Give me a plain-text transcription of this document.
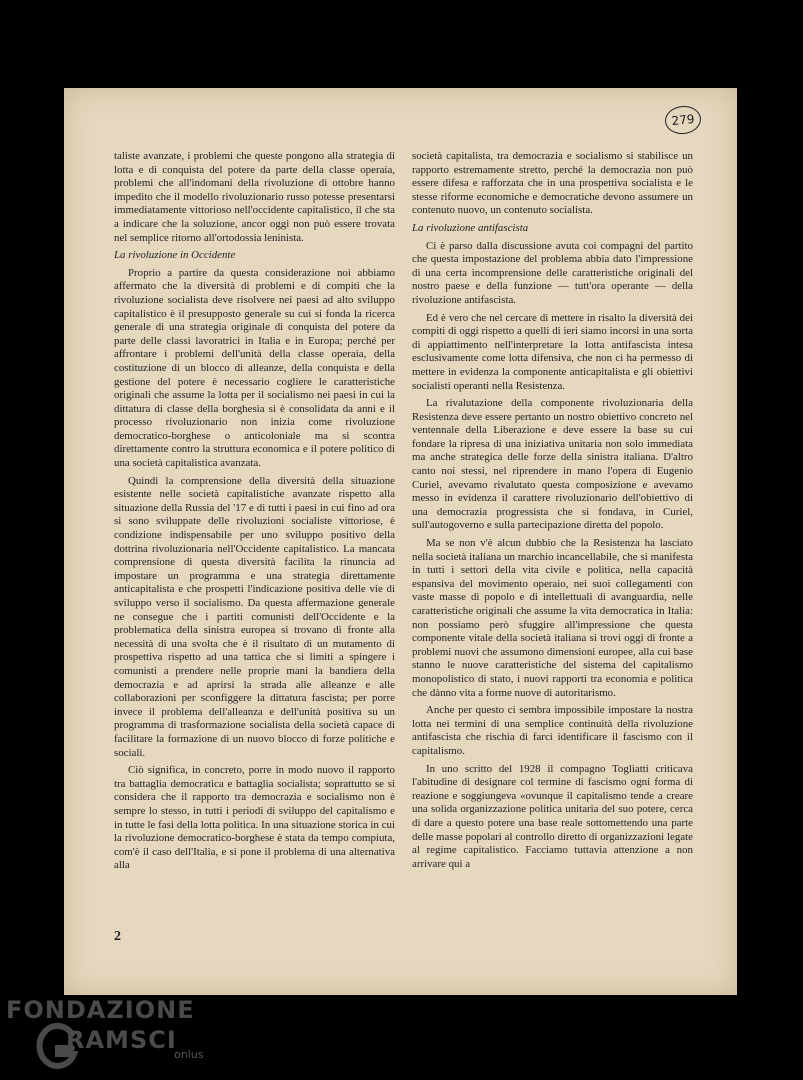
279

taliste avanzate, i problemi che queste pongono alla strategia di lotta e di conquista del potere da parte della classe operaia, problemi che all'indomani della rivoluzione di ottobre hanno impedito che il modello rivoluzionario russo potesse presentarsi immediatamente vittorioso nell'occidente capitalistico, il che sta a indicare che la soluzione, ancor oggi non può essere trovata nel semplice ritorno all'ortodossia leninista.

La rivoluzione in Occidente

Proprio a partire da questa considerazione noi abbiamo affermato che la diversità di problemi e di compiti che la rivoluzione socialista deve risolvere nei paesi ad alto sviluppo capitalistico è il presupposto generale su cui si fonda la ricerca generale di una strategia originale di conquista del potere da parte delle classi lavoratrici in Italia e in Europa; perché per affrontare i problemi dell'unità della classe operaia, della costituzione di un blocco di alleanze, della conquista e della gestione del potere è necessario cogliere le caratteristiche originali che assume la lotta per il socialismo nei paesi in cui la dittatura di classe della borghesia si è consolidata da anni e il processo rivoluzionario non inizia come rivoluzione democratico-borghese o anticoloniale ma si scontra direttamente contro la struttura economica e il potere politico di una società capitalistica avanzata.

Quindi la comprensione della diversità della situazione esistente nelle società capitalistiche avanzate rispetto alla situazione della Russia del '17 e di tutti i paesi in cui fino ad ora si sono sviluppate delle rivoluzioni socialiste vittoriose, è condizione indispensabile per uno sviluppo positivo della dottrina rivoluzionaria nell'Occidente capitalistico. La mancata comprensione di questa diversità facilita la rinuncia ad impostare un programma e una strategia direttamente anticapitalista e che prospetti l'indicazione positiva delle vie di sviluppo verso il socialismo. Da questa affermazione generale ne consegue che i partiti comunisti dell'Occidente e la problematica della sinistra europea si trovano di fronte alla necessità di una svolta che è il risultato di un mutamento di prospettiva rispetto ad una tattica che si limiti a spingere i comunisti a prendere nelle proprie mani la bandiera della democrazia e ad aprirsi la strada alle alleanze e alle collaborazioni per sconfiggere la dittatura fascista; per porre invece il problema dell'alleanza e dell'unità positiva su un programma di trasformazione socialista della società capace di facilitare la formazione di un nuovo blocco di forze politiche e sociali.

Ciò significa, in concreto, porre in modo nuovo il rapporto tra battaglia democratica e battaglia socialista; soprattutto se si considera che il rapporto tra democrazia e socialismo non è sempre lo stesso, in tutti i periodi di sviluppo del capitalismo e in tutte le fasi della lotta politica. In una situazione storica in cui la rivoluzione democratico-borghese è stata da tempo compiuta, com'è il caso dell'Italia, e si pone il problema di una alternativa alla

società capitalista, tra democrazia e socialismo si stabilisce un rapporto estremamente stretto, perché la democrazia non può essere difesa e rafforzata che in una prospettiva socialista e le stesse riforme economiche e democratiche devono assumere un contenuto nuovo, un contenuto socialista.

La rivoluzione antifascista

Ci è parso dalla discussione avuta coi compagni del partito che questa impostazione del problema abbia dato l'impressione di una certa incomprensione delle caratteristiche originali del nostro paese e della funzione — tutt'ora operante — della rivoluzione antifascista.

Ed è vero che nel cercare di mettere in risalto la diversità dei compiti di oggi rispetto a quelli di ieri siamo incorsi in una sorta di appiattimento nell'interpretare la lotta antifascista intesa esclusivamente come lotta difensiva, che non ci ha permesso di mettere in evidenza la componente anticapitalista e gli obiettivi socialisti operanti nella Resistenza.

La rivalutazione della componente rivoluzionaria della Resistenza deve essere pertanto un nostro obiettivo concreto nel ventennale della Liberazione e deve essere la base su cui fondare la ripresa di una iniziativa unitaria non solo immediata ma anche strategica delle forze della sinistra italiana. D'altro canto noi stessi, nel riprendere in mano l'opera di Eugenio Curiel, avevamo rivalutato questa composizione e avevamo messo in evidenza il carattere rivoluzionario dell'obiettivo di una democrazia progressista che si fondava, in Curiel, sull'autogoverno e sulla partecipazione diretta del popolo.

Ma se non v'è alcun dubbio che la Resistenza ha lasciato nella società italiana un marchio incancellabile, che si manifesta in tutti i settori della vita civile e politica, nella capacità espansiva del movimento operaio, nei suoi collegamenti con vaste masse di popolo e di intellettuali di avanguardia, nelle caratteristiche originali che assume la vita democratica in Italia: non possiamo però sfuggire all'impressione che questa componente vitale della società italiana si trovi oggi di fronte a problemi nuovi che assumono dimensioni europee, alla cui base stanno le nuove caratteristiche del sistema del capitalismo monopolistico di stato, i nuovi rapporti tra economia e politica che dànno vita a forme nuove di autoritarismo.

Anche per questo ci sembra impossibile impostare la nostra lotta nei termini di una semplice continuità della rivoluzione antifascista che rischia di farci identificare il fascismo con il capitalismo.

In uno scritto del 1928 il compagno Togliatti criticava l'abitudine di designare col termine di fascismo ogni forma di reazione e soggiungeva «ovunque il capitalismo tende a creare una solida organizzazione politica unitaria del suo potere, cerca di dare a questo potere una base reale sottomettendo una parte delle masse popolari al controllo diretto di organizzazioni legate al regime capitalistico. Facciamo tuttavia attenzione a non arrivare qui a

2
FONDAZIONE
RAMSCI
onlus
